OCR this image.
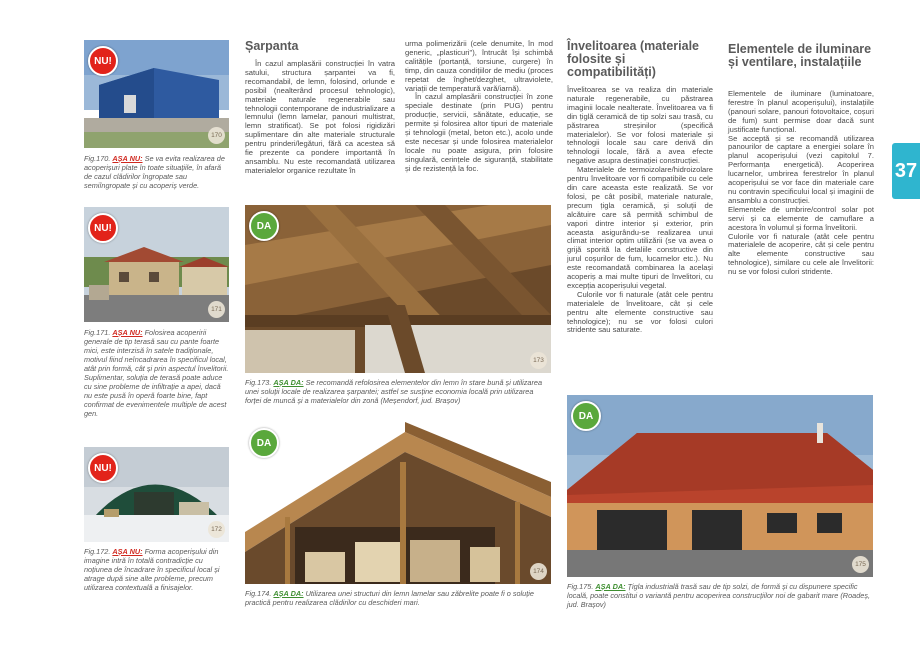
NU!
170
Fig.170. AȘA NU: Se va evita realizarea de acoperișuri plate în toate situațiile, în afară de cazul clădirilor îngropate sau semiîngropate și cu acoperiș verde.
NU!
171
Fig.171. AȘA NU: Folosirea acoperirii generale de tip terasă sau cu pante foarte mici, este interzisă în satele tradiționale, motivul fiind neîncadrarea în specificul local, atât prin formă, cât și prin aspectul învelitorii. Suplimentar, soluția de terasă poate aduce cu sine probleme de infiltrație a apei, dacă nu este pusă în operă foarte bine, fapt confirmat de evenimentele multiple de acest gen.
NU!
172
Fig.172. AȘA NU: Forma acoperișului din imagine intră în totală contradicție cu noțiunea de încadrare în specificul local și atrage după sine alte probleme, precum utilizarea contextuală a finisajelor.
Șarpanta

În cazul amplasării construcției în vatra satului, structura șarpantei va fi, recomandabil, de lemn, folosind, orlunde e posibil (nealterând procesul tehnologic), materiale naturale regenerabile sau tehnologii contemporane de industrializare a lemnului (lemn lamelar, panouri multistrat, lemn stratificat). Se pot folosi rigidizări suplimentare din alte materiale structurale pentru prinderi/legături, fără ca acestea să fie prezente ca pondere importantă în ansamblu. Nu este recomandată utilizarea materialelor organice rezultate în

urma polimerizării (cele denumite, în mod generic, „plasticuri"), întrucât își schimbă calitățile (portanță, torsiune, curgere) în timp, din cauza condițiilor de mediu (proces repetat de înghet/dezghet, ultraviolete, variații de temperatură vară/iarnă).

În cazul amplasării construcției în zone speciale destinate (prin PUG) pentru producție, servicii, sănătate, educație, se permite și folosirea altor tipuri de materiale și tehnologii (metal, beton etc.), acolo unde este necesar și unde folosirea materialelor locale nu poate asigura, prin folosire singulară, cerințele de siguranță, stabilitate și de rezistență la foc.

DA
173
Fig.173. AȘA DA: Se recomandă refolosirea elementelor din lemn în stare bună și utilizarea unei soluții locale de realizarea șarpantei; astfel se susține economia locală prin utilizarea forței de muncă și a materialelor din zonă (Meșendorf, jud. Brașov)
DA
174
Fig.174. AȘA DA: Utilizarea unei structuri din lemn lamelar sau zăbrelite poate fi o soluție practică pentru realizarea clădirilor cu deschideri mari.
Învelitoarea (materiale folosite și compatibilități)

Învelitoarea se va realiza din materiale naturale regenerabile, cu păstrarea imaginii locale nealterate. Învelitoarea va fi din țiglă ceramică de tip solzi sau trasă, cu păstrarea streșinilor (specifică materialelor). Se vor folosi materiale și tehnologii locale sau care derivă din tehnologii locale, fără a avea efecte negative asupra destinației construcției.

Materialele de termoizolare/hidroizolare pentru învelitoare vor fi compatibile cu cele din care aceasta este realizată. Se vor folosi, pe cât posibil, materiale naturale, precum țigla ceramică, și soluții de alcătuire care să permită schimbul de vapori dintre interior și exterior, prin aceasta asigurându-se realizarea unui climat interior optim utilizării (se va avea o grijă sporită la detaliile constructive din jurul coșurilor de fum, lucarnelor etc.). Nu este recomandată combinarea la același acoperiș a mai multe tipuri de învelitori, cu excepția acoperișului vegetal.

Culorile vor fi naturale (atât cele pentru materialele de învelitoare, cât și cele pentru alte elemente constructive sau tehnologice); nu se vor folosi culori stridente sau saturate.

Elementele de iluminare și ventilare, instalațiile

Elementele de iluminare (luminatoare, ferestre în planul acoperișului), instalațiile (panouri solare, panouri fotovoltaice, coșuri de fum) sunt permise doar dacă sunt justificate funcțional.

Se acceptă și se recomandă utilizarea panourilor de captare a energiei solare în planul acoperișului (vezi capitolul 7. Performanța energetică). Acoperirea lucarnelor, umbrirea ferestrelor în planul acoperișului se vor face din materiale care nu contravin specificului local și imaginii de ansamblu a construcției.

Elementele de umbrire/control solar pot servi și ca elemente de camuflare a acestora în volumul și forma învelitorii.

Culorile vor fi naturale (atât cele pentru materialele de acoperire, cât și cele pentru alte elemente constructive sau tehnologice), similare cu cele ale învelitorii: nu se vor folosi culori stridente.

DA
175
Fig.175. AȘA DA: Țigla industrială trasă sau de tip solzi, de formă și cu dispunere specific locală, poate constitui o variantă pentru acoperirea construcțiilor noi de gabarit mare (Roadeș, jud. Brașov)
37
